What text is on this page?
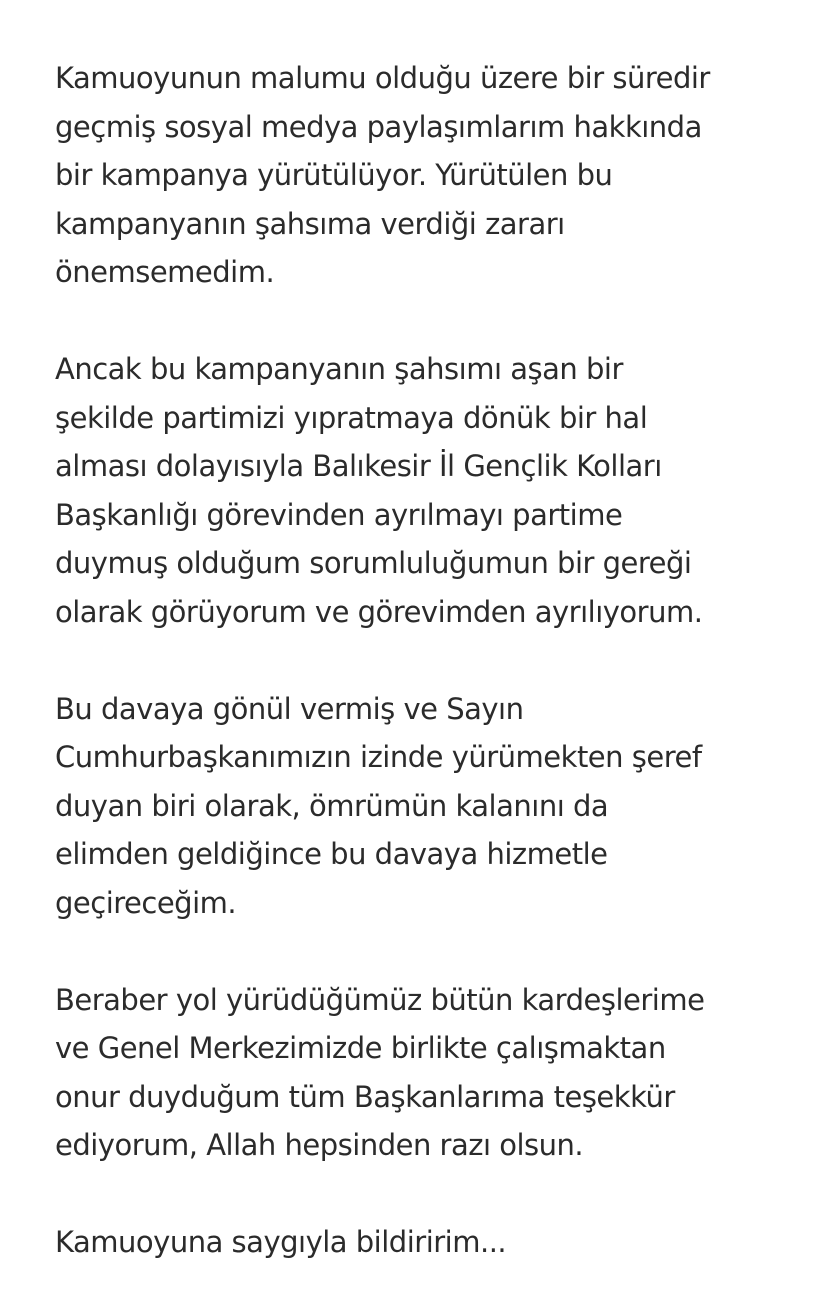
Kamuoyunun malumu olduğu üzere bir süredir
geçmiş sosyal medya paylaşımlarım hakkında
bir kampanya yürütülüyor. Yürütülen bu
kampanyanın şahsıma verdiği zararı
önemsemedim.

Ancak bu kampanyanın şahsımı aşan bir
şekilde partimizi yıpratmaya dönük bir hal
alması dolayısıyla Balıkesir İl Gençlik Kolları
Başkanlığı görevinden ayrılmayı partime
duymuş olduğum sorumluluğumun bir gereği
olarak görüyorum ve görevimden ayrılıyorum.

Bu davaya gönül vermiş ve Sayın
Cumhurbaşkanımızın izinde yürümekten şeref
duyan biri olarak, ömrümün kalanını da
elimden geldiğince bu davaya hizmetle
geçireceğim.

Beraber yol yürüdüğümüz bütün kardeşlerime
ve Genel Merkezimizde birlikte çalışmaktan
onur duyduğum tüm Başkanlarıma teşekkür
ediyorum, Allah hepsinden razı olsun.

Kamuoyuna saygıyla bildiririm...
